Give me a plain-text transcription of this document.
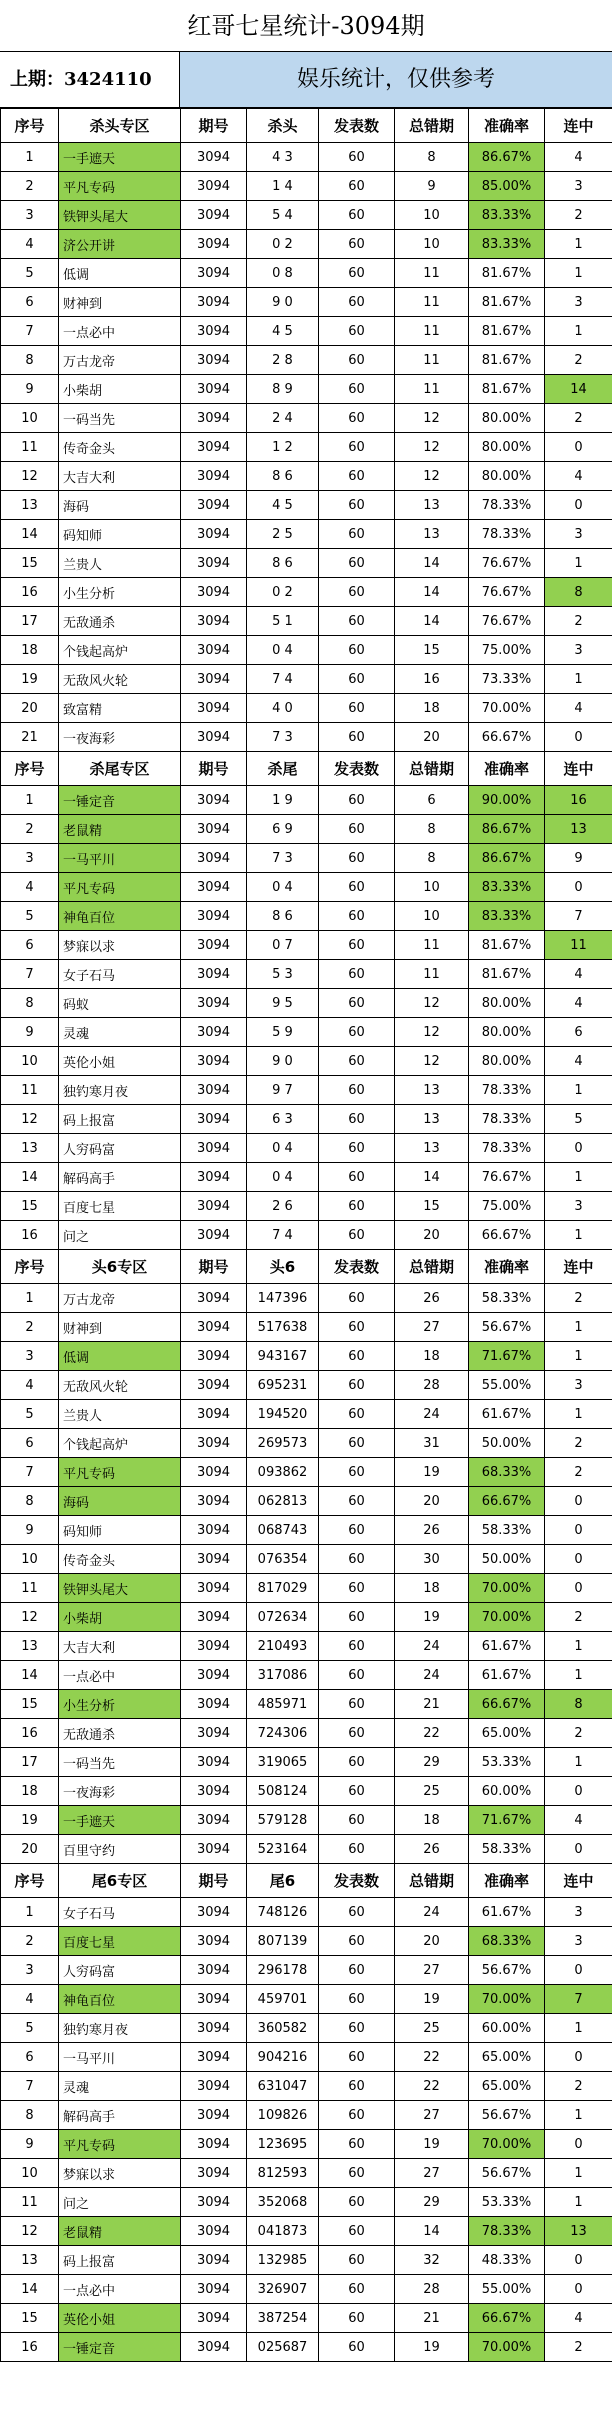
红哥七星统计-3094期
上期：3424110	娱乐统计，仅供参考
序号	杀头专区	期号	杀头	发表数	总错期	准确率	连中
1	一手遮天	3094	4 3	60	8	86.67%	4
2	平凡专码	3094	1 4	60	9	85.00%	3
3	铁钾头尾大	3094	5 4	60	10	83.33%	2
4	济公开讲	3094	0 2	60	10	83.33%	1
5	低调	3094	0 8	60	11	81.67%	1
6	财神到	3094	9 0	60	11	81.67%	3
7	一点必中	3094	4 5	60	11	81.67%	1
8	万古龙帝	3094	2 8	60	11	81.67%	2
9	小柴胡	3094	8 9	60	11	81.67%	14
10	一码当先	3094	2 4	60	12	80.00%	2
11	传奇金头	3094	1 2	60	12	80.00%	0
12	大吉大利	3094	8 6	60	12	80.00%	4
13	海码	3094	4 5	60	13	78.33%	0
14	码知师	3094	2 5	60	13	78.33%	3
15	兰贵人	3094	8 6	60	14	76.67%	1
16	小生分析	3094	0 2	60	14	76.67%	8
17	无敌通杀	3094	5 1	60	14	76.67%	2
18	个钱起高炉	3094	0 4	60	15	75.00%	3
19	无敌风火轮	3094	7 4	60	16	73.33%	1
20	致富精	3094	4 0	60	18	70.00%	4
21	一夜海彩	3094	7 3	60	20	66.67%	0
序号	杀尾专区	期号	杀尾	发表数	总错期	准确率	连中
1	一锤定音	3094	1 9	60	6	90.00%	16
2	老鼠精	3094	6 9	60	8	86.67%	13
3	一马平川	3094	7 3	60	8	86.67%	9
4	平凡专码	3094	0 4	60	10	83.33%	0
5	神龟百位	3094	8 6	60	10	83.33%	7
6	梦寐以求	3094	0 7	60	11	81.67%	11
7	女子石马	3094	5 3	60	11	81.67%	4
8	码蚁	3094	9 5	60	12	80.00%	4
9	灵魂	3094	5 9	60	12	80.00%	6
10	英伦小姐	3094	9 0	60	12	80.00%	4
11	独钓寒月夜	3094	9 7	60	13	78.33%	1
12	码上报富	3094	6 3	60	13	78.33%	5
13	人穷码富	3094	0 4	60	13	78.33%	0
14	解码高手	3094	0 4	60	14	76.67%	1
15	百度七星	3094	2 6	60	15	75.00%	3
16	问之	3094	7 4	60	20	66.67%	1
序号	头6专区	期号	头6	发表数	总错期	准确率	连中
1	万古龙帝	3094	147396	60	26	58.33%	2
2	财神到	3094	517638	60	27	56.67%	1
3	低调	3094	943167	60	18	71.67%	1
4	无敌风火轮	3094	695231	60	28	55.00%	3
5	兰贵人	3094	194520	60	24	61.67%	1
6	个钱起高炉	3094	269573	60	31	50.00%	2
7	平凡专码	3094	093862	60	19	68.33%	2
8	海码	3094	062813	60	20	66.67%	0
9	码知师	3094	068743	60	26	58.33%	0
10	传奇金头	3094	076354	60	30	50.00%	0
11	铁钾头尾大	3094	817029	60	18	70.00%	0
12	小柴胡	3094	072634	60	19	70.00%	2
13	大吉大利	3094	210493	60	24	61.67%	1
14	一点必中	3094	317086	60	24	61.67%	1
15	小生分析	3094	485971	60	21	66.67%	8
16	无敌通杀	3094	724306	60	22	65.00%	2
17	一码当先	3094	319065	60	29	53.33%	1
18	一夜海彩	3094	508124	60	25	60.00%	0
19	一手遮天	3094	579128	60	18	71.67%	4
20	百里守约	3094	523164	60	26	58.33%	0
序号	尾6专区	期号	尾6	发表数	总错期	准确率	连中
1	女子石马	3094	748126	60	24	61.67%	3
2	百度七星	3094	807139	60	20	68.33%	3
3	人穷码富	3094	296178	60	27	56.67%	0
4	神龟百位	3094	459701	60	19	70.00%	7
5	独钓寒月夜	3094	360582	60	25	60.00%	1
6	一马平川	3094	904216	60	22	65.00%	0
7	灵魂	3094	631047	60	22	65.00%	2
8	解码高手	3094	109826	60	27	56.67%	1
9	平凡专码	3094	123695	60	19	70.00%	0
10	梦寐以求	3094	812593	60	27	56.67%	1
11	问之	3094	352068	60	29	53.33%	1
12	老鼠精	3094	041873	60	14	78.33%	13
13	码上报富	3094	132985	60	32	48.33%	0
14	一点必中	3094	326907	60	28	55.00%	0
15	英伦小姐	3094	387254	60	21	66.67%	4
16	一锤定音	3094	025687	60	19	70.00%	2
